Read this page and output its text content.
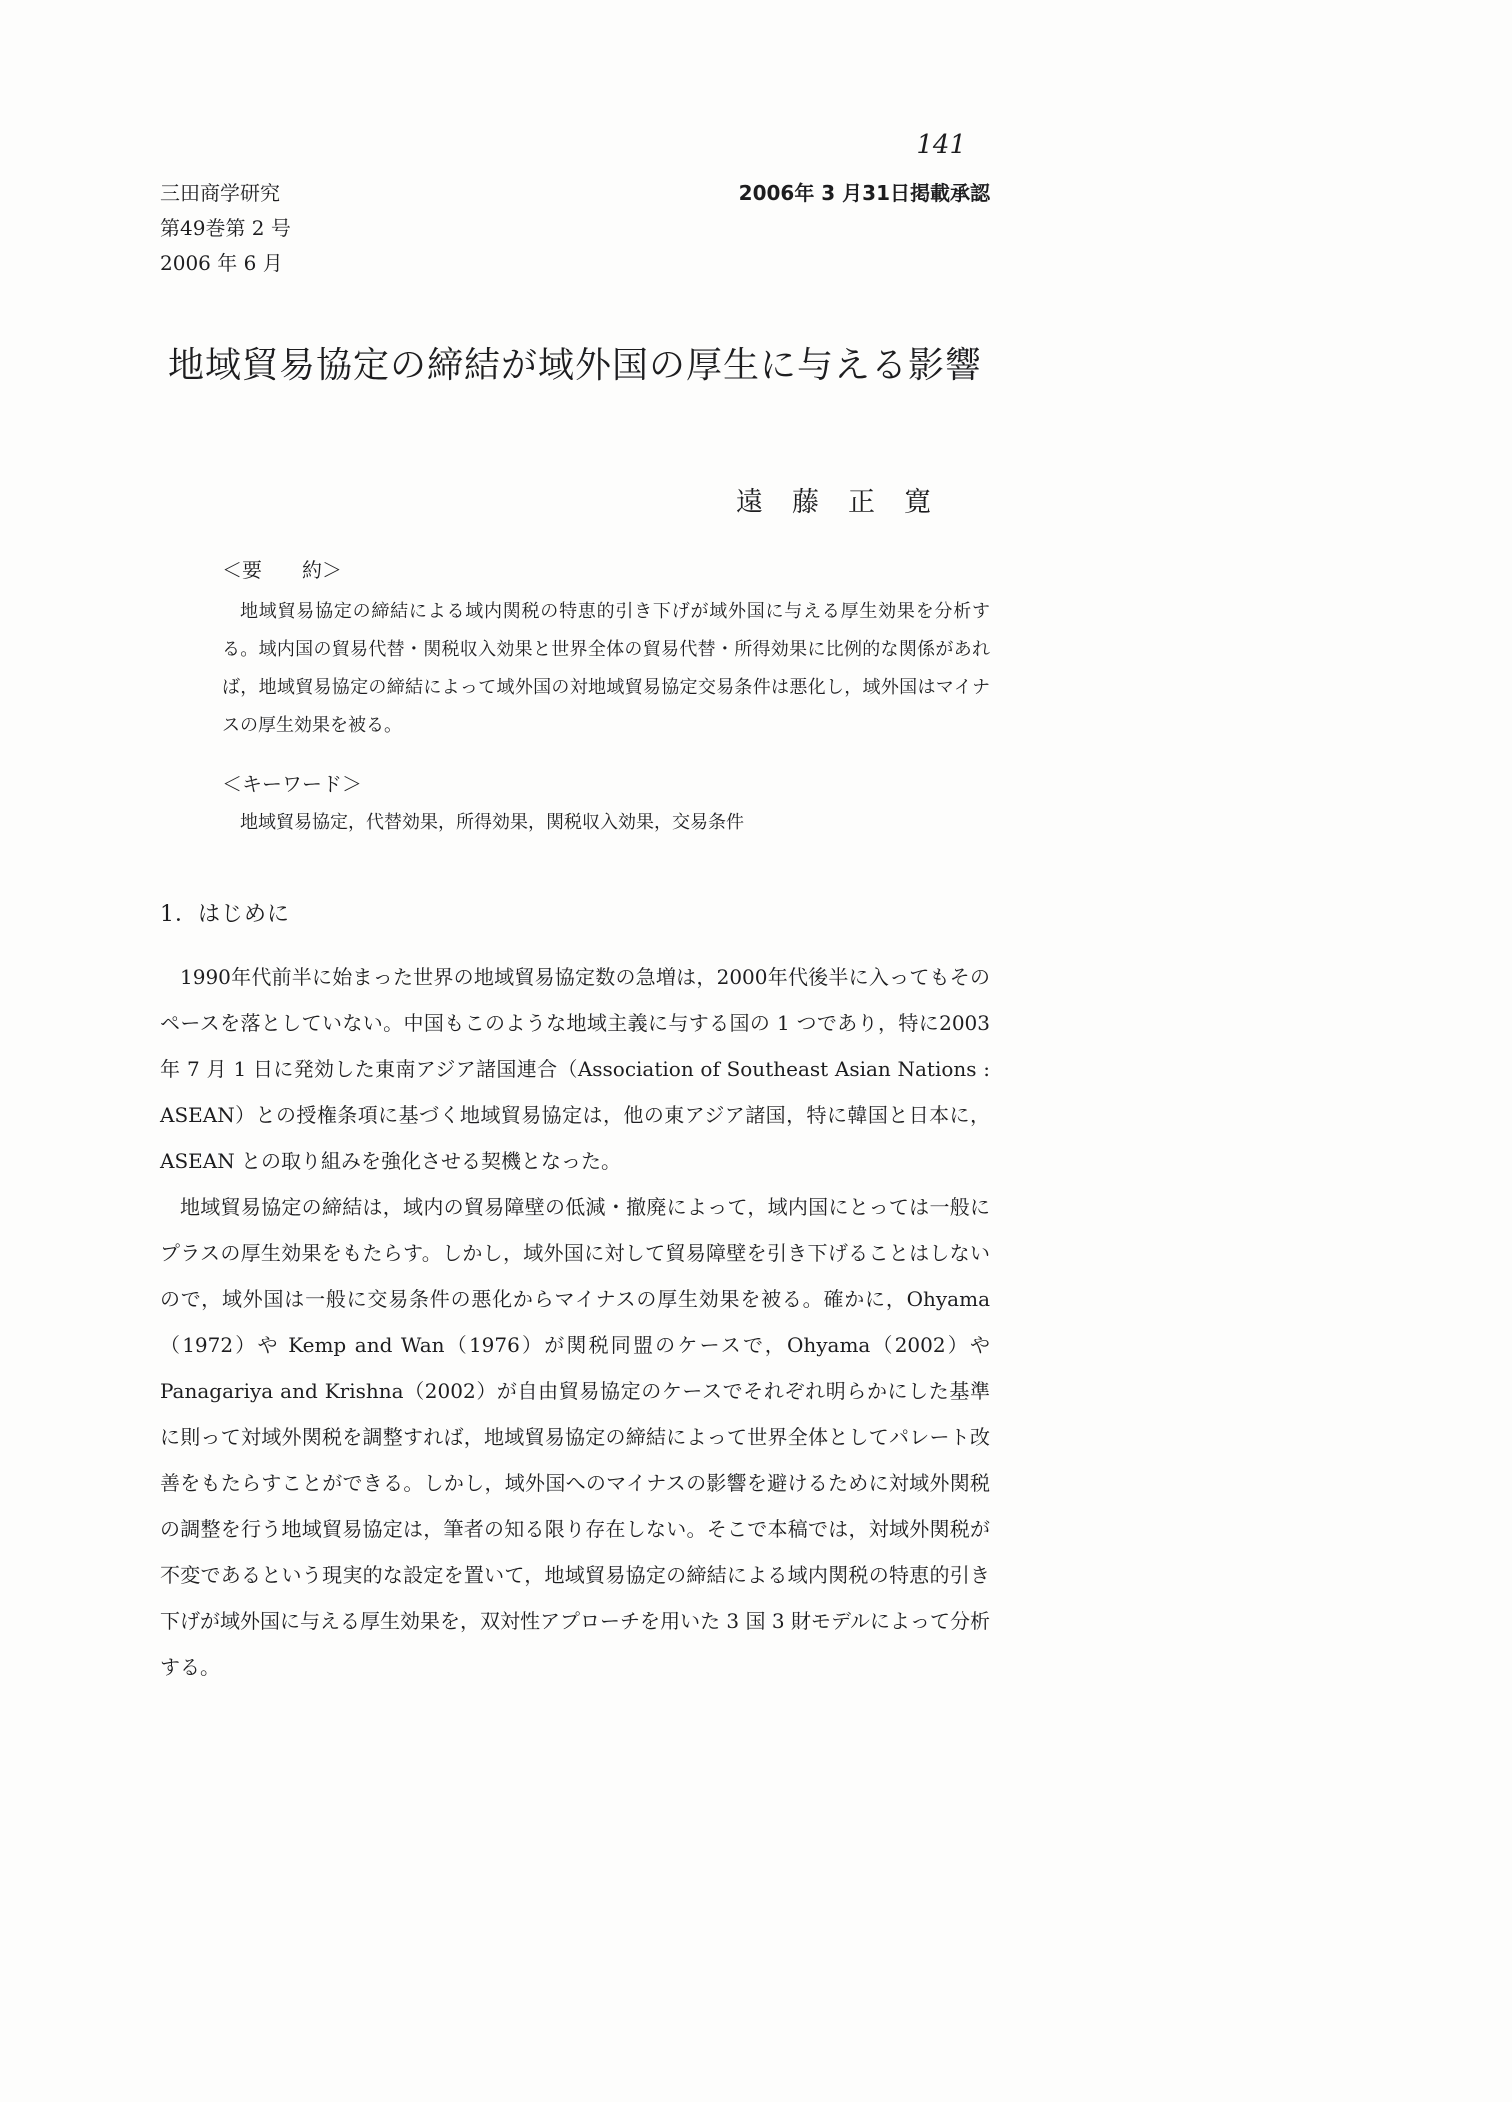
141
三田商学研究
第49巻第 2 号
2006 年 6 月
2006年 3 月31日掲載承認
地域貿易協定の締結が域外国の厚生に与える影響
遠　藤　正　寛
＜要　　約＞

地域貿易協定の締結による域内関税の特恵的引き下げが域外国に与える厚生効果を分析する。域内国の貿易代替・関税収入効果と世界全体の貿易代替・所得効果に比例的な関係があれば，地域貿易協定の締結によって域外国の対地域貿易協定交易条件は悪化し，域外国はマイナスの厚生効果を被る。

＜キーワード＞

地域貿易協定，代替効果，所得効果，関税収入効果，交易条件

1．はじめに

1990年代前半に始まった世界の地域貿易協定数の急増は，2000年代後半に入ってもそのペースを落としていない。中国もこのような地域主義に与する国の 1 つであり，特に2003年 7 月 1 日に発効した東南アジア諸国連合（Association of Southeast Asian Nations : ASEAN）との授権条項に基づく地域貿易協定は，他の東アジア諸国，特に韓国と日本に，ASEAN との取り組みを強化させる契機となった。

地域貿易協定の締結は，域内の貿易障壁の低減・撤廃によって，域内国にとっては一般にプラスの厚生効果をもたらす。しかし，域外国に対して貿易障壁を引き下げることはしないので，域外国は一般に交易条件の悪化からマイナスの厚生効果を被る。確かに，Ohyama（1972）や Kemp and Wan（1976）が関税同盟のケースで，Ohyama（2002）や Panagariya and Krishna（2002）が自由貿易協定のケースでそれぞれ明らかにした基準に則って対域外関税を調整すれば，地域貿易協定の締結によって世界全体としてパレート改善をもたらすことができる。しかし，域外国へのマイナスの影響を避けるために対域外関税の調整を行う地域貿易協定は，筆者の知る限り存在しない。そこで本稿では，対域外関税が不変であるという現実的な設定を置いて，地域貿易協定の締結による域内関税の特恵的引き下げが域外国に与える厚生効果を，双対性アプローチを用いた 3 国 3 財モデルによって分析する。
